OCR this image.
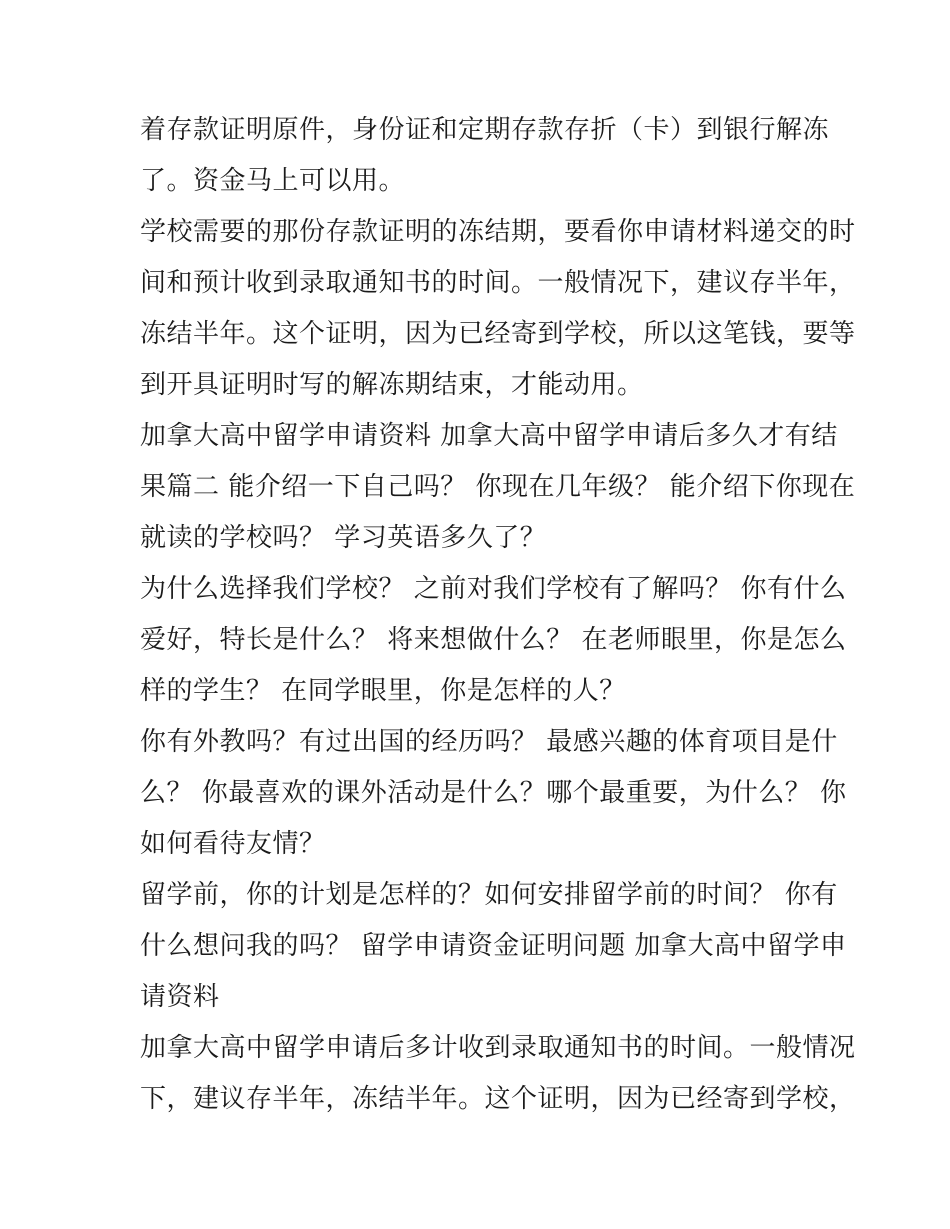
着存款证明原件，身份证和定期存款存折（卡）到银行解冻
了。资金马上可以用。
学校需要的那份存款证明的冻结期，要看你申请材料递交的时
间和预计收到录取通知书的时间。一般情况下，建议存半年，
冻结半年。这个证明，因为已经寄到学校，所以这笔钱，要等
到开具证明时写的解冻期结束，才能动用。
加拿大高中留学申请资料 加拿大高中留学申请后多久才有结
果篇二 能介绍一下自己吗？ 你现在几年级？ 能介绍下你现在
就读的学校吗？ 学习英语多久了？
为什么选择我们学校？ 之前对我们学校有了解吗？ 你有什么
爱好，特长是什么？ 将来想做什么？ 在老师眼里，你是怎么
样的学生？ 在同学眼里，你是怎样的人？
你有外教吗？有过出国的经历吗？ 最感兴趣的体育项目是什
么？ 你最喜欢的课外活动是什么？哪个最重要，为什么？ 你
如何看待友情？
留学前，你的计划是怎样的？如何安排留学前的时间？ 你有
什么想问我的吗？ 留学申请资金证明问题 加拿大高中留学申
请资料
加拿大高中留学申请后多计收到录取通知书的时间。一般情况
下，建议存半年，冻结半年。这个证明，因为已经寄到学校，
